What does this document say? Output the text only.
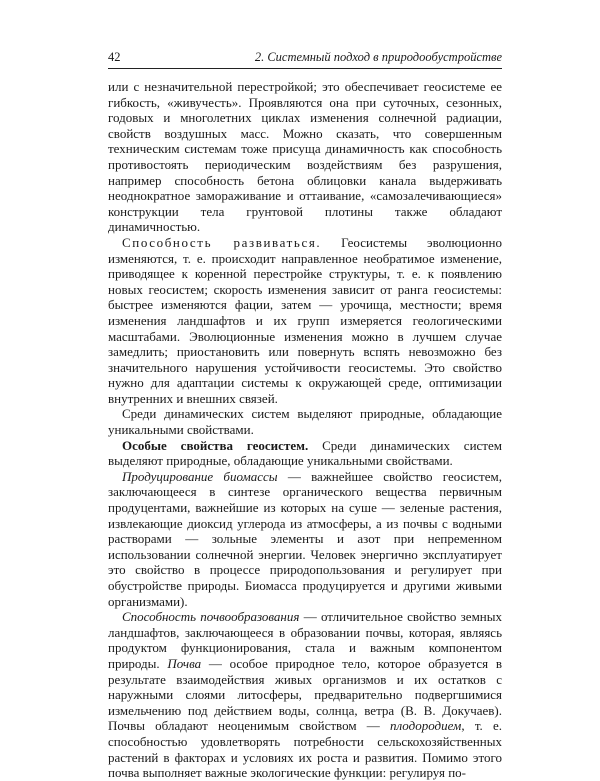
42	2. Системный подход в природообустройстве

или с незначительной перестройкой; это обеспечивает геосистеме ее гибкость, «живучесть». Проявляются она при суточных, сезонных, годовых и многолетних циклах изменения солнечной радиации, свойств воздушных масс. Можно сказать, что совершенным техническим системам тоже присуща динамичность как способность противостоять периодическим воздействиям без разрушения, например способность бетона облицовки канала выдерживать неоднократное замораживание и оттаивание, «самозалечивающиеся» конструкции тела грунтовой плотины также обладают динамичностью.

Способность развиваться. Геосистемы эволюционно изменяются, т. е. происходит направленное необратимое изменение, приводящее к коренной перестройке структуры, т. е. к появлению новых геосистем; скорость изменения зависит от ранга геосистемы: быстрее изменяются фации, затем — урочища, местности; время изменения ландшафтов и их групп измеряется геологическими масштабами. Эволюционные изменения можно в лучшем случае замедлить; приостановить или повернуть вспять невозможно без значительного нарушения устойчивости геосистемы. Это свойство нужно для адаптации системы к окружающей среде, оптимизации внутренних и внешних связей.

Среди динамических систем выделяют природные, обладающие уникальными свойствами.

Особые свойства геосистем. Среди динамических систем выделяют природные, обладающие уникальными свойствами.

Продуцирование биомассы — важнейшее свойство геосистем, заключающееся в синтезе органического вещества первичным продуцентами, важнейшие из которых на суше — зеленые растения, извлекающие диоксид углерода из атмосферы, а из почвы с водными растворами — зольные элементы и азот при непременном использовании солнечной энергии. Человек энергично эксплуатирует это свойство в процессе природопользования и регулирует при обустройстве природы. Биомасса продуцируется и другими живыми организмами).

Способность почвообразования — отличительное свойство земных ландшафтов, заключающееся в образовании почвы, которая, являясь продуктом функционирования, стала и важным компонентом природы. Почва — особое природное тело, которое образуется в результате взаимодействия живых организмов и их остатков с наружными слоями литосферы, предварительно подвергшимися измельчению под действием воды, солнца, ветра (В. В. Докучаев). Почвы обладают неоценимым свойством — плодородием, т. е. способностью удовлетворять потребности сельскохозяйственных растений в факторах и условиях их роста и развития. Помимо этого почва выполняет важные экологические функции: регулируя по-
